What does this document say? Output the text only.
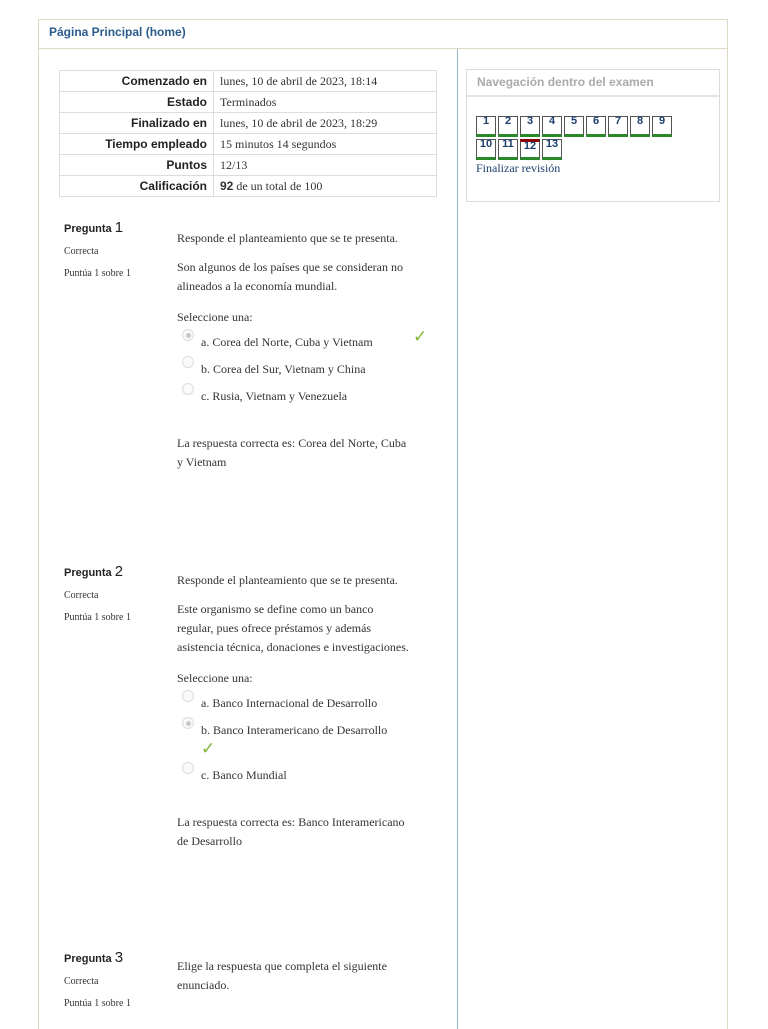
Página Principal (home)
Comenzado en	lunes, 10 de abril de 2023, 18:14
Estado	Terminados
Finalizado en	lunes, 10 de abril de 2023, 18:29
Tiempo empleado	15 minutos 14 segundos
Puntos	12/13
Calificación	92 de un total de 100
Pregunta 1
Correcta
Puntúa 1 sobre 1

Responde el planteamiento que se te presenta.

Son algunos de los países que se consideran no alineados a la economía mundial.

Seleccione una:
a. Corea del Norte, Cuba y Vietnam ✓
b. Corea del Sur, Vietnam y China
c. Rusia, Vietnam y Venezuela
La respuesta correcta es: Corea del Norte, Cuba y Vietnam
Pregunta 2
Correcta
Puntúa 1 sobre 1

Responde el planteamiento que se te presenta.

Este organismo se define como un banco regular, pues ofrece préstamos y además asistencia técnica, donaciones e investigaciones.

Seleccione una:
a. Banco Internacional de Desarrollo
b. Banco Interamericano de Desarrollo
✓
c. Banco Mundial
La respuesta correcta es: Banco Interamericano de Desarrollo
Pregunta 3
Correcta
Puntúa 1 sobre 1

Elige la respuesta que completa el siguiente enunciado.

Navegación dentro del examen
1 2 3 4 5 6 7 8 9
10 11 12 13
Finalizar revisión
